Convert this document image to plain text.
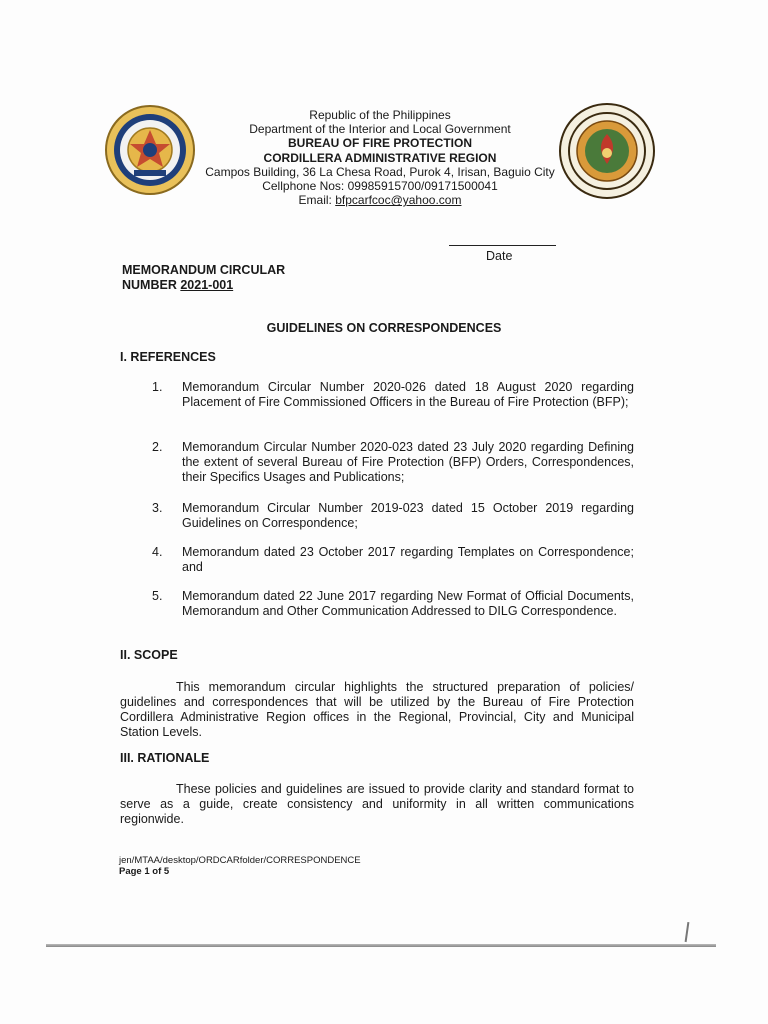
Republic of the Philippines
Department of the Interior and Local Government
BUREAU OF FIRE PROTECTION
CORDILLERA ADMINISTRATIVE REGION
Campos Building, 36 La Chesa Road, Purok 4, Irisan, Baguio City
Cellphone Nos: 09985915700/09171500041
Email: bfpcarfcoc@yahoo.com
Date
MEMORANDUM CIRCULAR
NUMBER 2021-001
GUIDELINES ON CORRESPONDENCES
I. REFERENCES
1. Memorandum Circular Number 2020-026 dated 18 August 2020 regarding Placement of Fire Commissioned Officers in the Bureau of Fire Protection (BFP);
2. Memorandum Circular Number 2020-023 dated 23 July 2020 regarding Defining the extent of several Bureau of Fire Protection (BFP) Orders, Correspondences, their Specifics Usages and Publications;
3. Memorandum Circular Number 2019-023 dated 15 October 2019 regarding Guidelines on Correspondence;
4. Memorandum dated 23 October 2017 regarding Templates on Correspondence; and
5. Memorandum dated 22 June 2017 regarding New Format of Official Documents, Memorandum and Other Communication Addressed to DILG Correspondence.
II. SCOPE
This memorandum circular highlights the structured preparation of policies/ guidelines and correspondences that will be utilized by the Bureau of Fire Protection Cordillera Administrative Region offices in the Regional, Provincial, City and Municipal Station Levels.
III. RATIONALE
These policies and guidelines are issued to provide clarity and standard format to serve as a guide, create consistency and uniformity in all written communications regionwide.
jen/MTAA/desktop/ORDCARfolder/CORRESPONDENCE
Page 1 of 5
